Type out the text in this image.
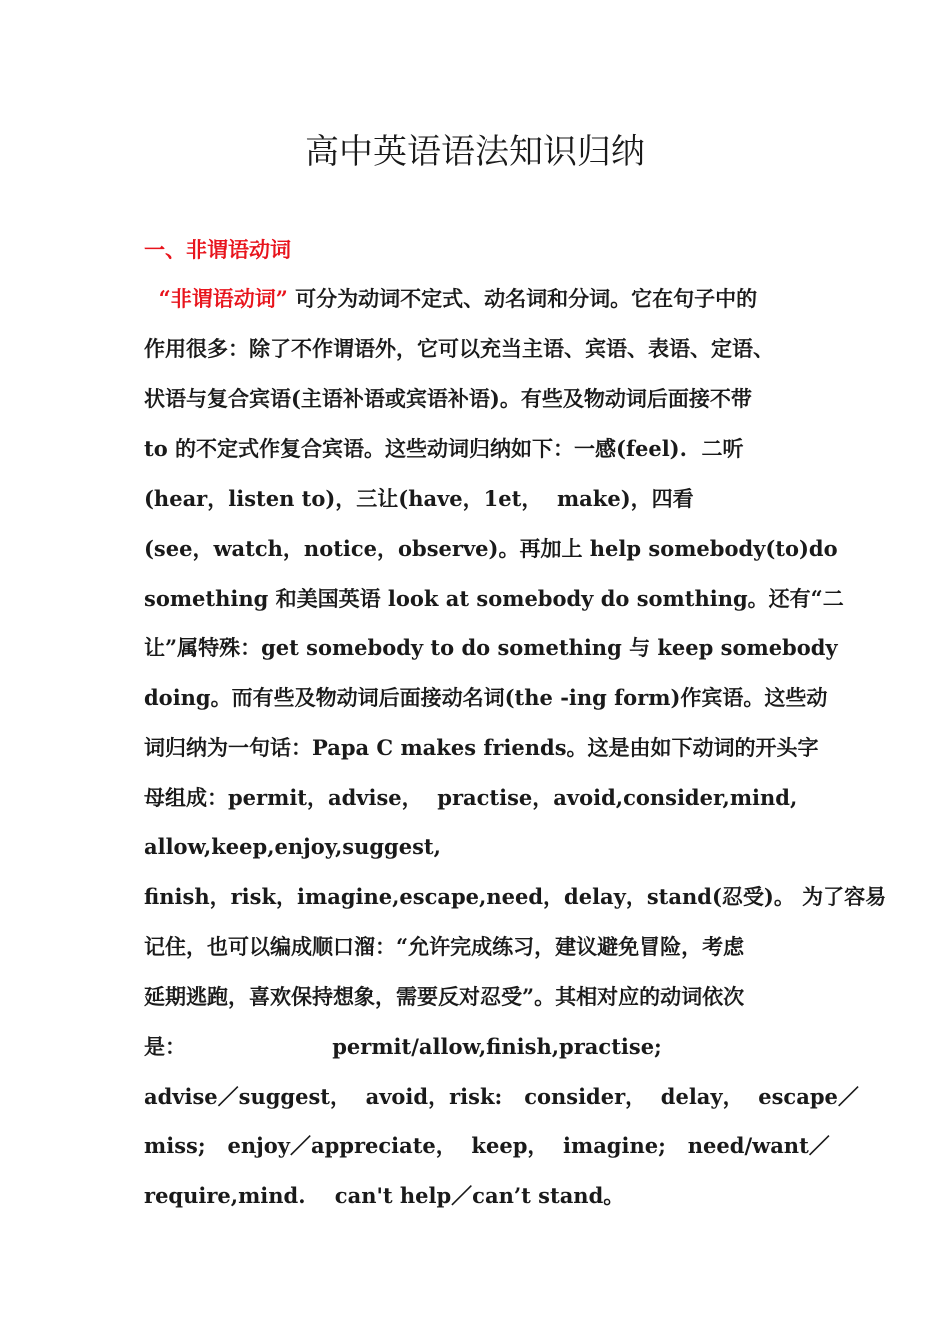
高中英语语法知识归纳
一、非谓语动词
“非谓语动词” 可分为动词不定式、动名词和分词。它在句子中的
作用很多：除了不作谓语外，它可以充当主语、宾语、表语、定语、
状语与复合宾语(主语补语或宾语补语)。有些及物动词后面接不带
to 的不定式作复合宾语。这些动词归纳如下：一感(feel).  二听
(hear，listen to)，三让(have，1et，  make)，四看
(see，watch，notice，observe)。再加上 help somebody(to)do
something 和美国英语 look at somebody do somthing。还有“二
让”属特殊：get somebody to do something 与 keep somebody
doing。而有些及物动词后面接动名词(the -ing form)作宾语。这些动
词归纳为一句话：Papa C makes friends。这是由如下动词的开头字
母组成：permit，advise，  practise，avoid,consider,mind,
allow,keep,enjoy,suggest,
finish，risk，imagine,escape,need，delay，stand(忍受)。 为了容易
记住，也可以编成顺口溜：“允许完成练习，建议避免冒险，考虑
延期逃跑，喜欢保持想象，需要反对忍受”。其相对应的动词依次
是：                    permit/allow,finish,practise;
advise／suggest，  avoid，risk:   consider，  delay，  escape／
miss;   enjoy／appreciate，  keep，  imagine;   need/want／
require,mind.    can't help／can’t stand。
